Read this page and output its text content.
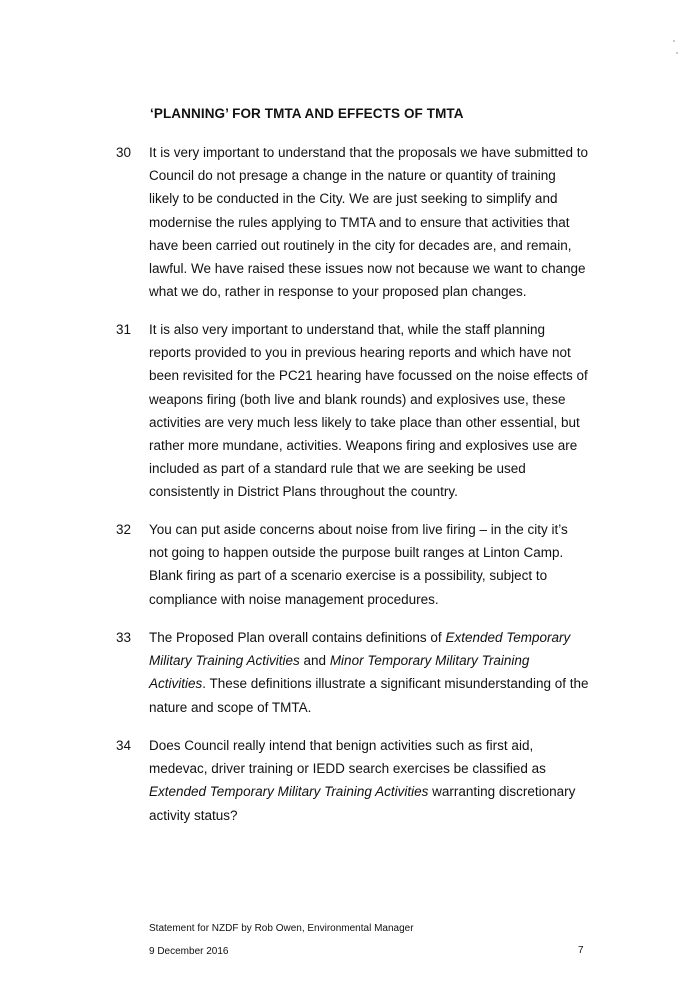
‘PLANNING’ FOR TMTA AND EFFECTS OF TMTA
30	It is very important to understand that the proposals we have submitted to
Council do not presage a change in the nature or quantity of training
likely to be conducted in the City. We are just seeking to simplify and
modernise the rules applying to TMTA and to ensure that activities that
have been carried out routinely in the city for decades are, and remain,
lawful. We have raised these issues now not because we want to change
what we do, rather in response to your proposed plan changes.
31	It is also very important to understand that, while the staff planning
reports provided to you in previous hearing reports and which have not
been revisited for the PC21 hearing have focussed on the noise effects of
weapons firing (both live and blank rounds) and explosives use, these
activities are very much less likely to take place than other essential, but
rather more mundane, activities. Weapons firing and explosives use are
included as part of a standard rule that we are seeking be used
consistently in District Plans throughout the country.
32	You can put aside concerns about noise from live firing – in the city it’s
not going to happen outside the purpose built ranges at Linton Camp.
Blank firing as part of a scenario exercise is a possibility, subject to
compliance with noise management procedures.
33	The Proposed Plan overall contains definitions of Extended Temporary
Military Training Activities and Minor Temporary Military Training
Activities. These definitions illustrate a significant misunderstanding of the
nature and scope of TMTA.
34	Does Council really intend that benign activities such as first aid,
medevac, driver training or IEDD search exercises be classified as
Extended Temporary Military Training Activities warranting discretionary
activity status?
Statement for NZDF by Rob Owen, Environmental Manager
9 December 2016	7
